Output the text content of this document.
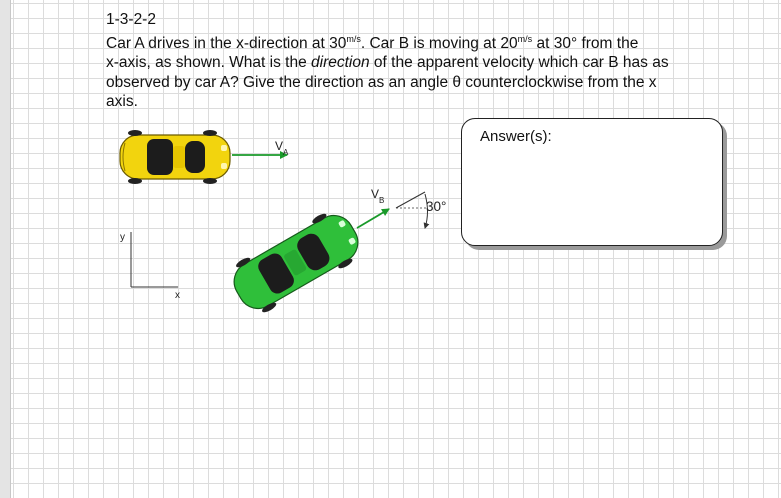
1-3-2-2

Car A drives in the x-direction at $30^{m/s}$. Car B is moving at $20^{m/s}$ at 30° from the

x-axis, as shown. What is the direction of the apparent velocity which car B has as

observed by car A? Give the direction as an angle θ counterclockwise from the x

axis.

V A
V B	30°
y
x
Answer(s):
